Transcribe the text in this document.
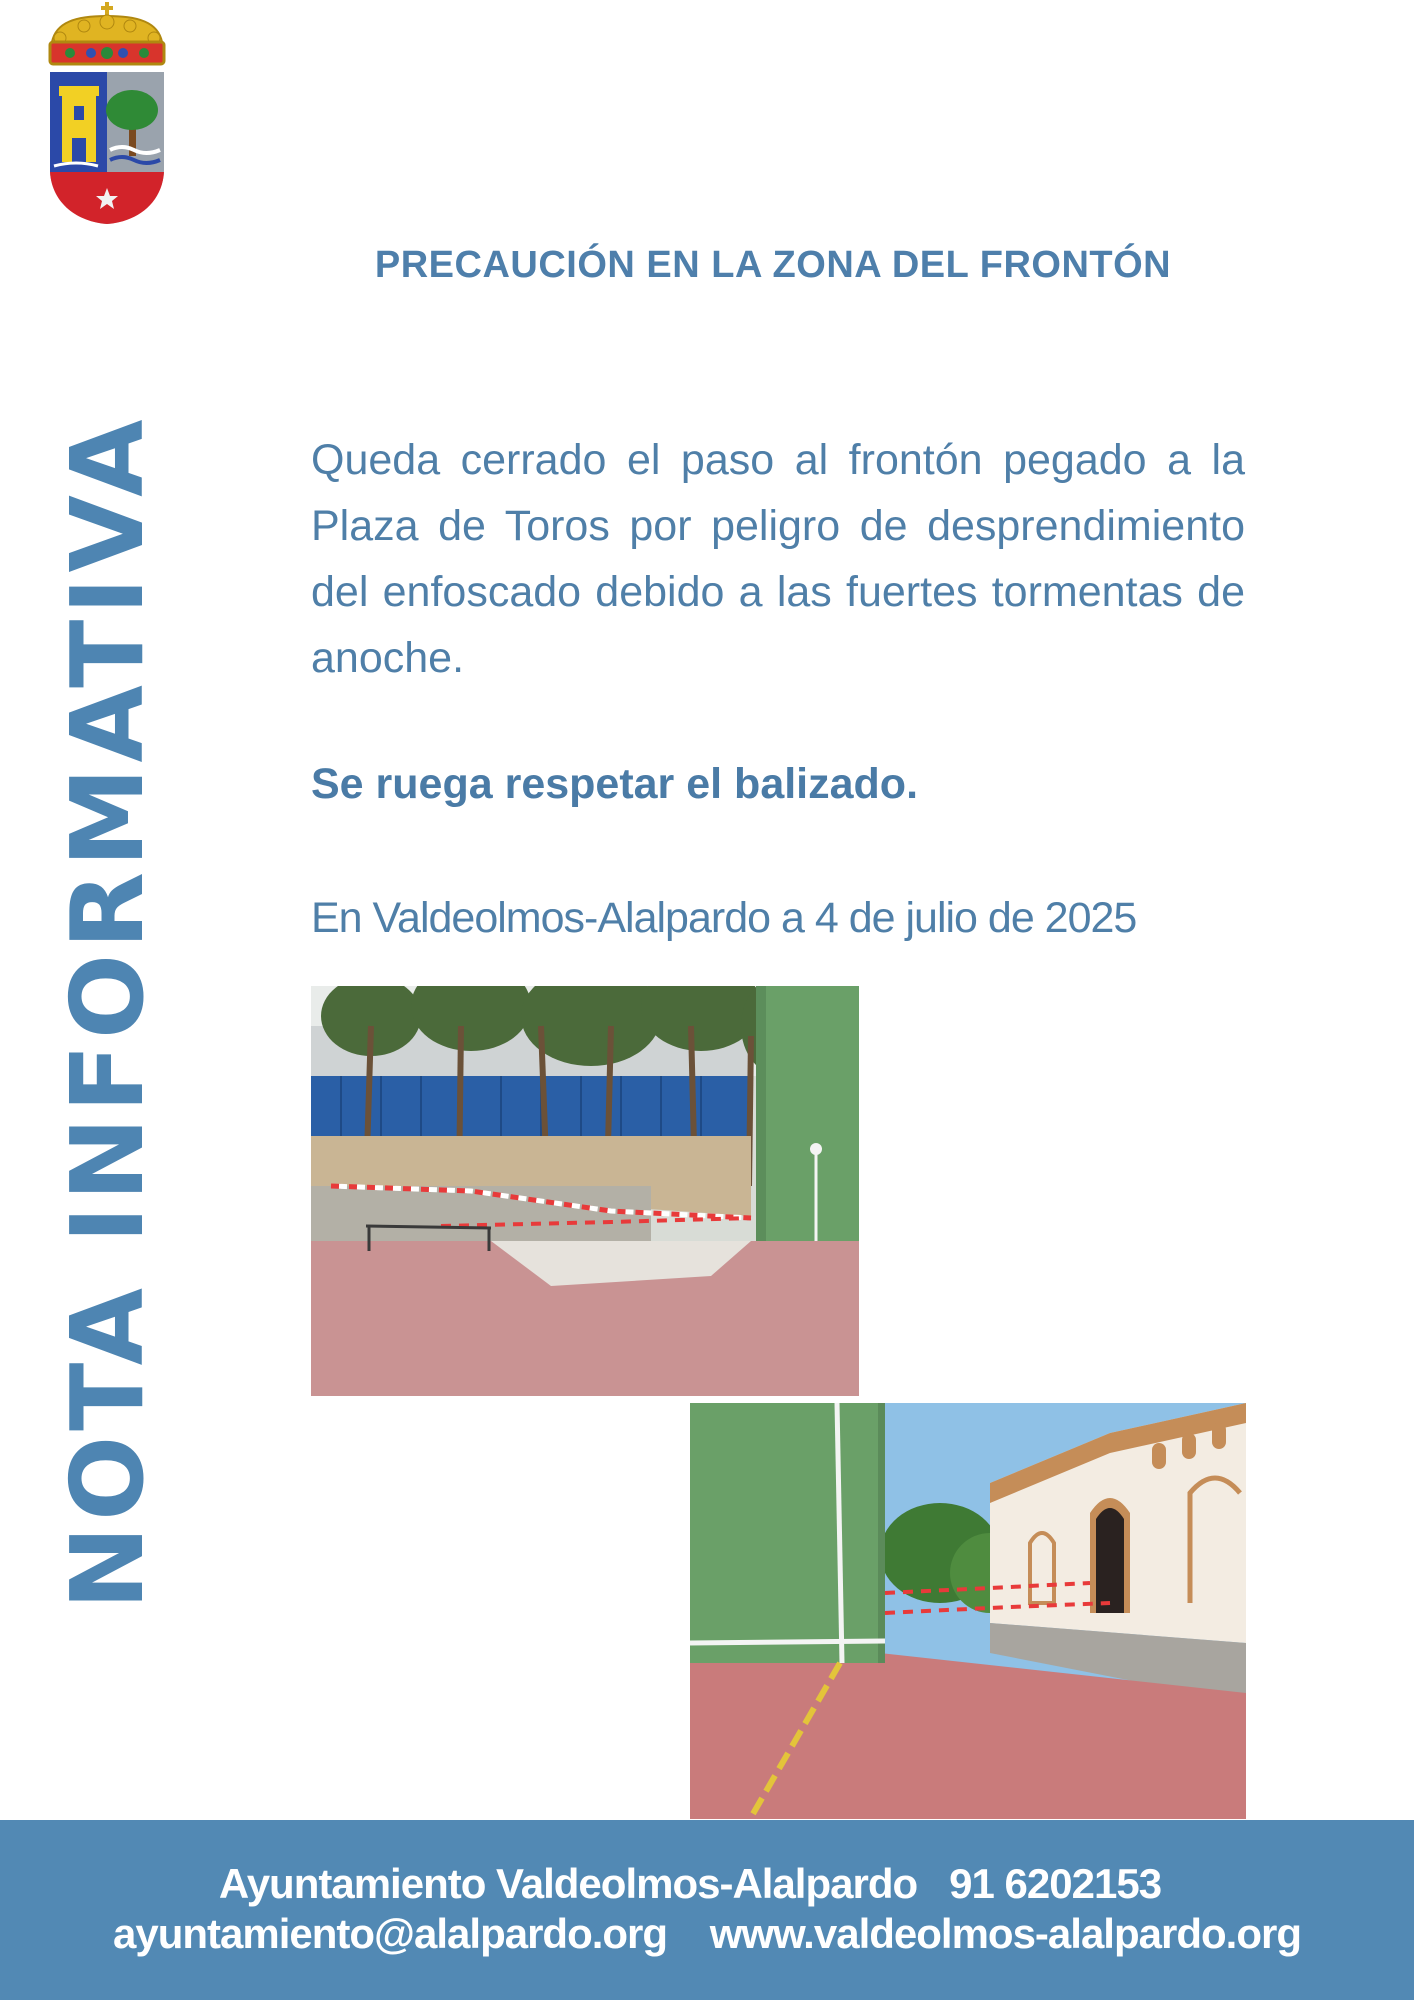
NOTA INFORMATIVA
PRECAUCIÓN EN LA ZONA DEL FRONTÓN
Queda cerrado el paso al frontón pegado a la Plaza de Toros por peligro de desprendimiento del enfoscado debido a las fuertes tormentas de anoche.
Se ruega respetar el balizado.
En Valdeolmos-Alalpardo a 4 de julio de 2025
Ayuntamiento Valdeolmos-Alalpardo   91 6202153
ayuntamiento@alalpardo.org    www.valdeolmos-alalpardo.org
